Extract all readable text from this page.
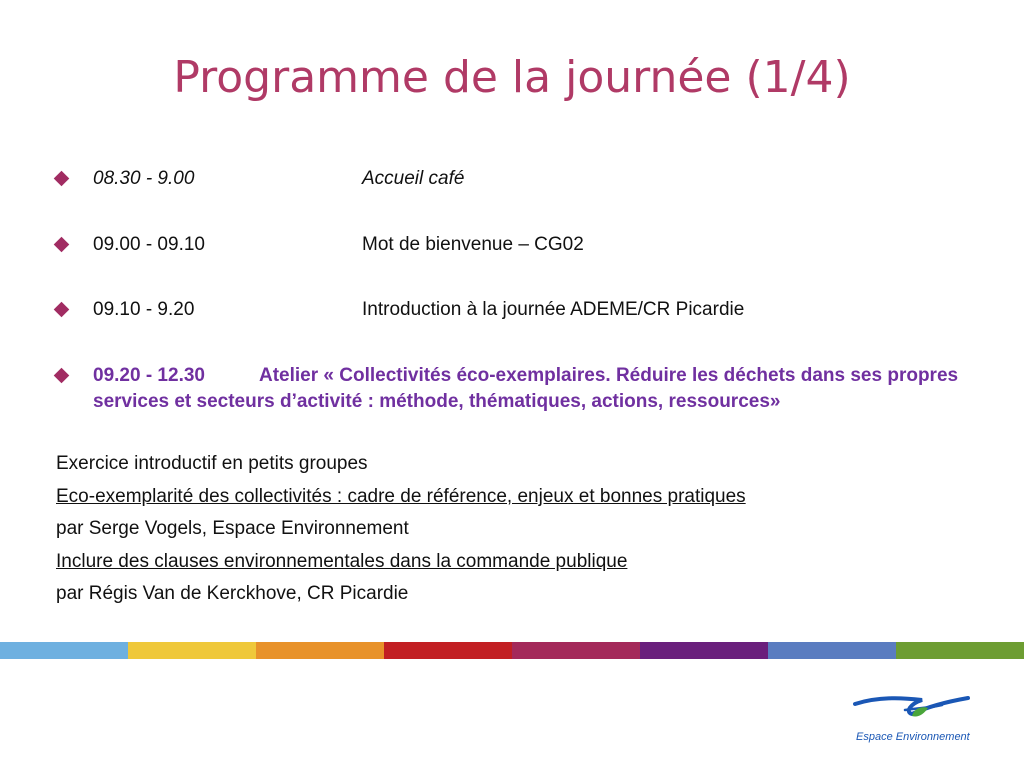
Programme de la journée (1/4)
08.30 - 9.00	Accueil café
09.00 - 09.10	Mot de bienvenue – CG02
09.10 - 9.20	Introduction à la journée ADEME/CR Picardie
09.20 - 12.30	Atelier « Collectivités éco-exemplaires. Réduire les déchets dans ses propres services et secteurs d’activité : méthode, thématiques, actions, ressources»
Exercice introductif en petits groupes
Eco-exemplarité des collectivités : cadre de référence, enjeux et bonnes pratiques
par Serge Vogels, Espace Environnement
Inclure des clauses environnementales dans la commande publique
par Régis Van de Kerckhove, CR Picardie
Espace Environnement
